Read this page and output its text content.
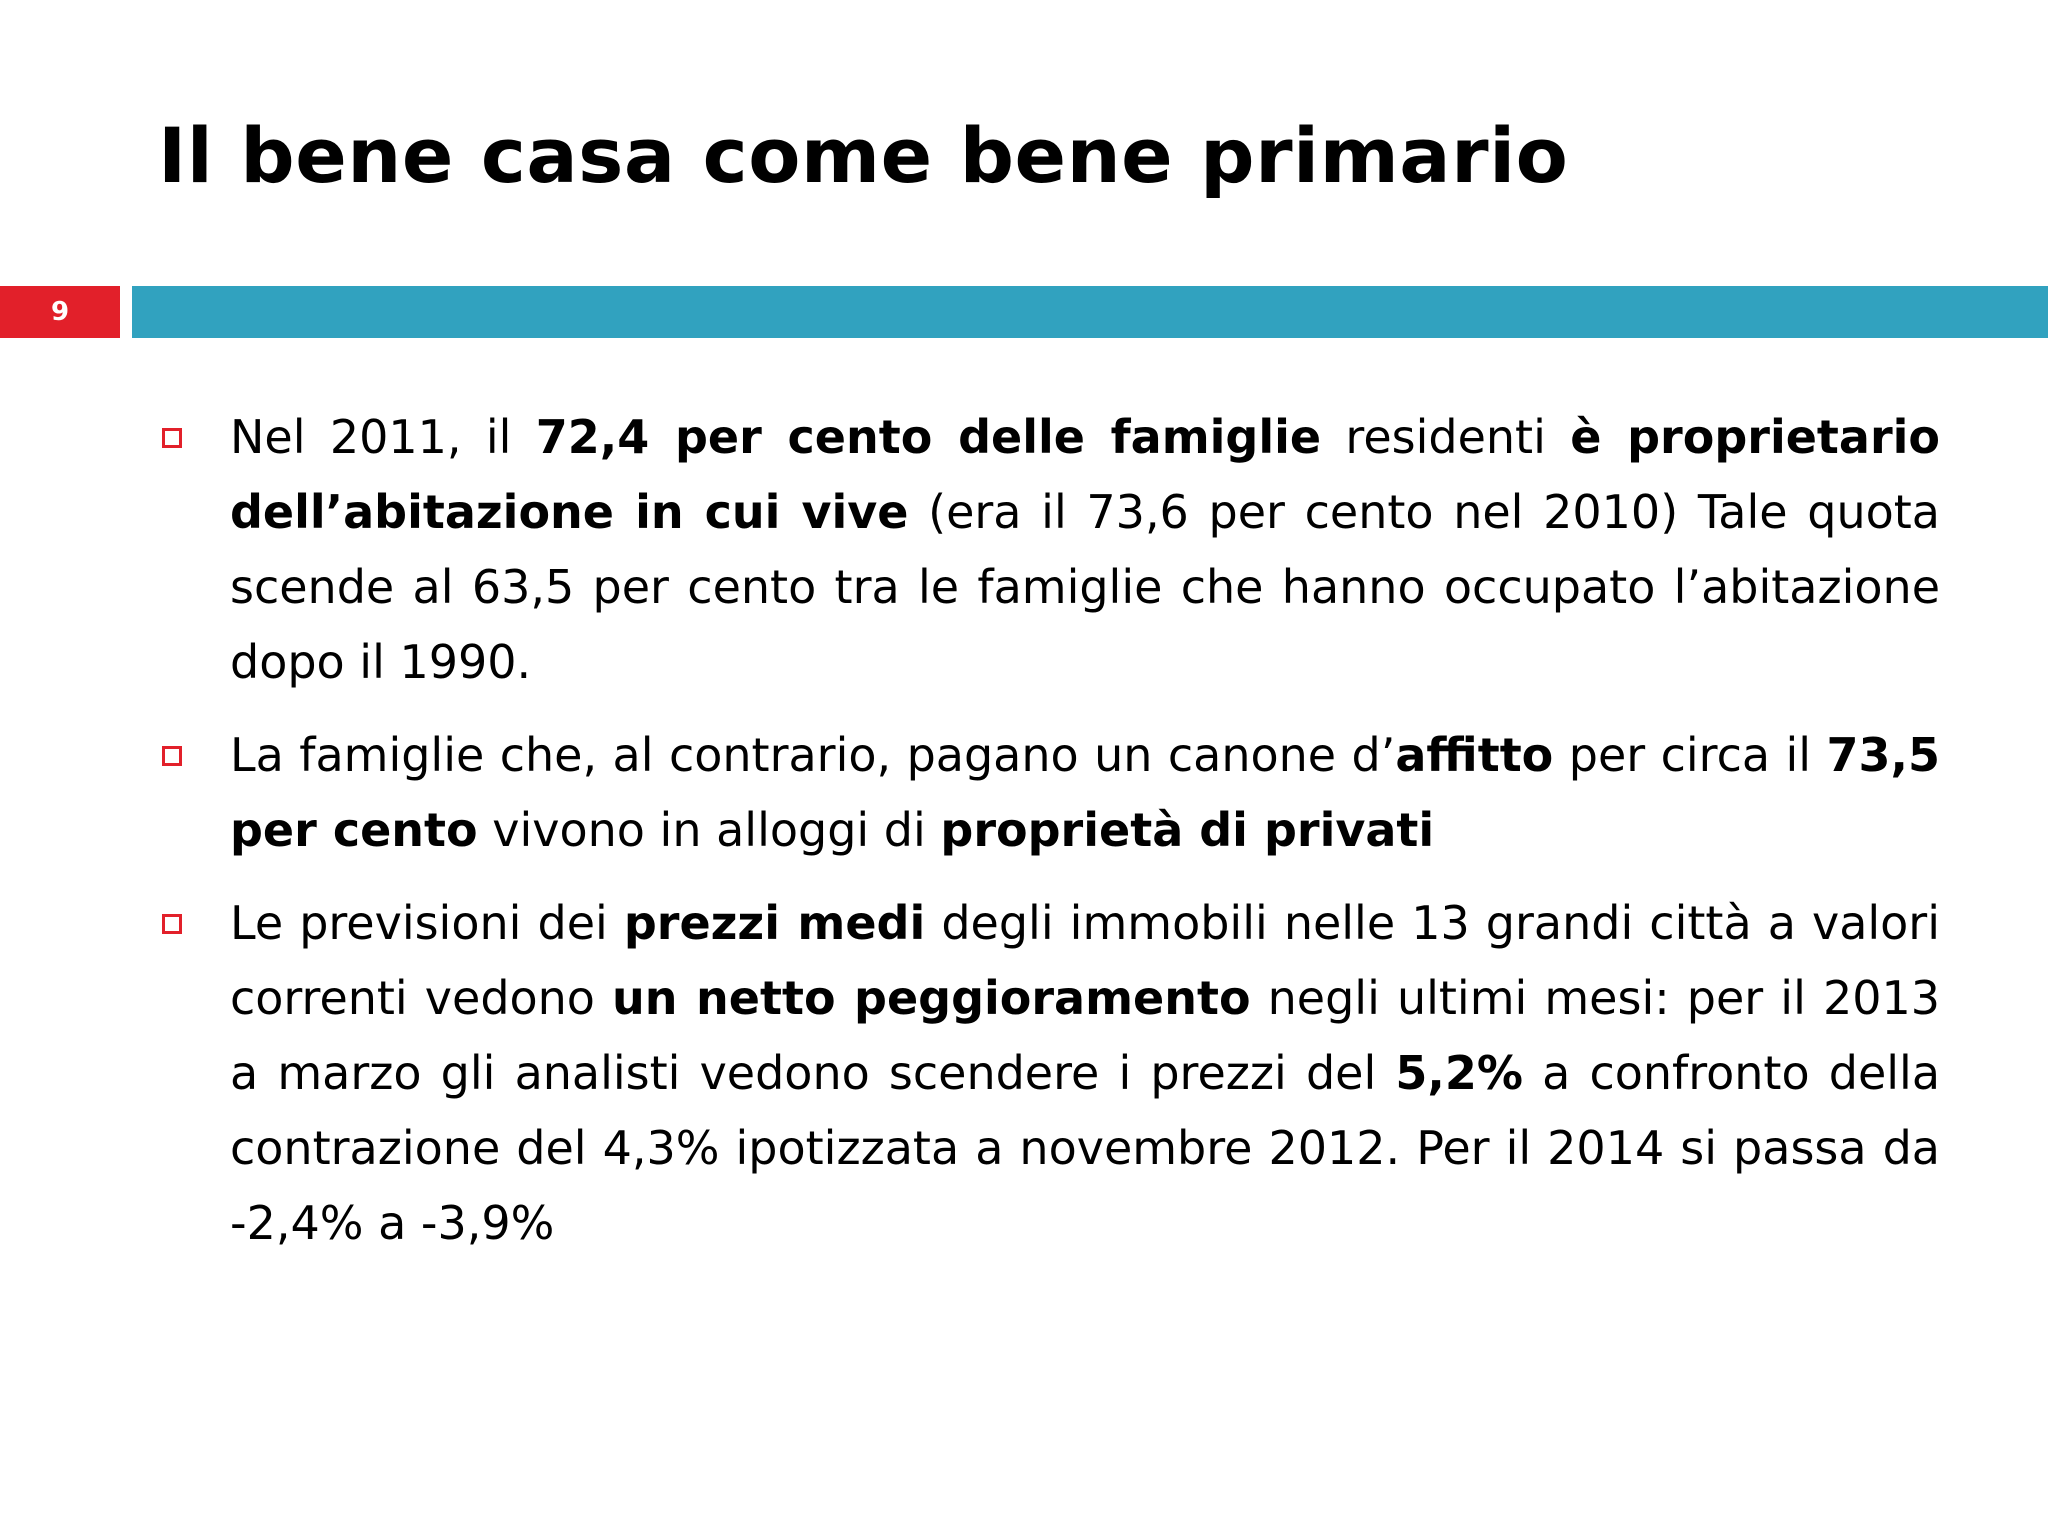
Il bene casa come bene primario
9
Nel 2011, il 72,4 per cento delle famiglie residenti è proprietario dell’abitazione in cui vive (era il 73,6 per cento nel 2010) Tale quota scende al 63,5 per cento tra le famiglie che hanno occupato l’abitazione dopo il 1990.
La famiglie che, al contrario, pagano un canone d’affitto per circa il 73,5 per cento vivono in alloggi di proprietà di privati
Le previsioni dei prezzi medi degli immobili nelle 13 grandi città a valori correnti vedono un netto peggioramento negli ultimi mesi: per il 2013 a marzo gli analisti vedono scendere i prezzi del 5,2% a confronto della contrazione del 4,3% ipotizzata a novembre 2012. Per il 2014 si passa da -2,4% a -3,9%
